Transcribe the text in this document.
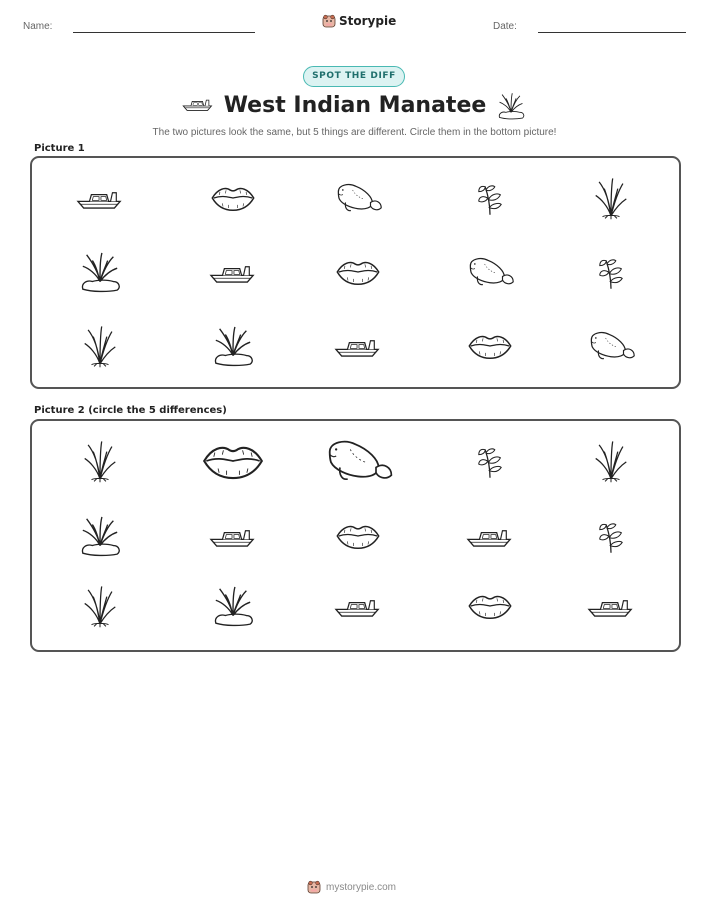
Name:	Storypie	Date:
SPOT THE DIFF
West Indian Manatee
The two pictures look the same, but 5 things are different. Circle them in the bottom picture!
Picture 1
Picture 2 (circle the 5 differences)
mystorypie.com
